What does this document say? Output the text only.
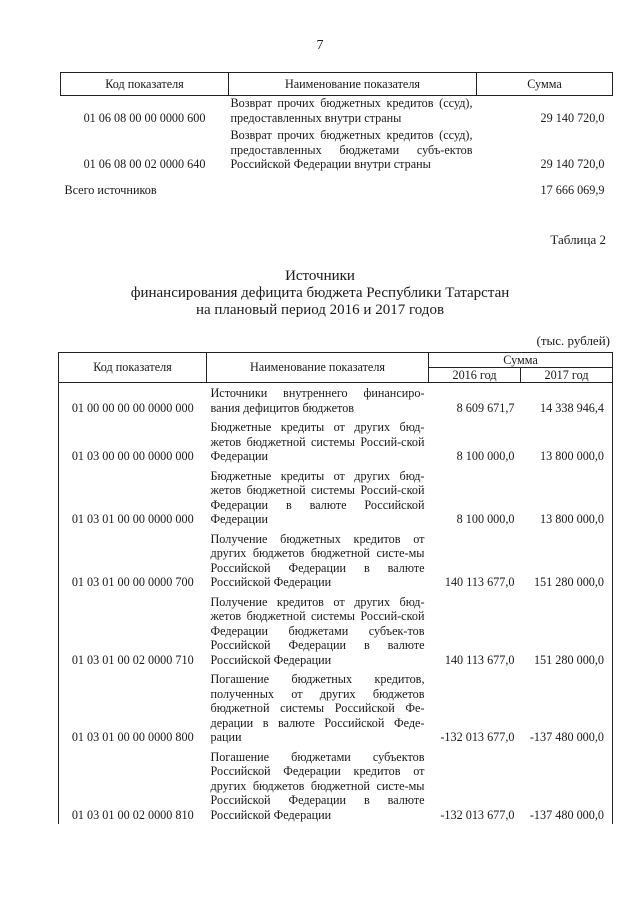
7
Код показателя	Наименование показателя	Сумма
01 06 08 00 00 0000 600	Возврат прочих бюджетных кредитов (ссуд), предоставленных внутри страны	29 140 720,0
01 06 08 00 02 0000 640	Возврат прочих бюджетных кредитов (ссуд), предоставленных бюджетами субъ-ектов Российской Федерации внутри страны	29 140 720,0
Всего источников		17 666 069,9
Таблица 2
Источники
финансирования дефицита бюджета Республики Татарстан
на плановый период 2016 и 2017 годов
(тыс. рублей)
Код показателя	Наименование показателя	Сумма	
		2016 год	2017 год
01 00 00 00 00 0000 000	Источники внутреннего финансиро-вания дефицитов бюджетов	8 609 671,7	14 338 946,4
01 03 00 00 00 0000 000	Бюджетные кредиты от других бюд-жетов бюджетной системы Россий-ской Федерации	8 100 000,0	13 800 000,0
01 03 01 00 00 0000 000	Бюджетные кредиты от других бюд-жетов бюджетной системы Россий-ской Федерации в валюте Российской Федерации	8 100 000,0	13 800 000,0
01 03 01 00 00 0000 700	Получение бюджетных кредитов от других бюджетов бюджетной систе-мы Российской Федерации в валюте Российской Федерации	140 113 677,0	151 280 000,0
01 03 01 00 02 0000 710	Получение кредитов от других бюд-жетов бюджетной системы Россий-ской Федерации бюджетами субъек-тов Российской Федерации в валюте Российской Федерации	140 113 677,0	151 280 000,0
01 03 01 00 00 0000 800	Погашение бюджетных кредитов, полученных от других бюджетов бюджетной системы Российской Фе-дерации в валюте Российской Феде-рации	-132 013 677,0	-137 480 000,0
01 03 01 00 02 0000 810	Погашение бюджетами субъектов Российской Федерации кредитов от других бюджетов бюджетной систе-мы Российской Федерации в валюте Российской Федерации	-132 013 677,0	-137 480 000,0
